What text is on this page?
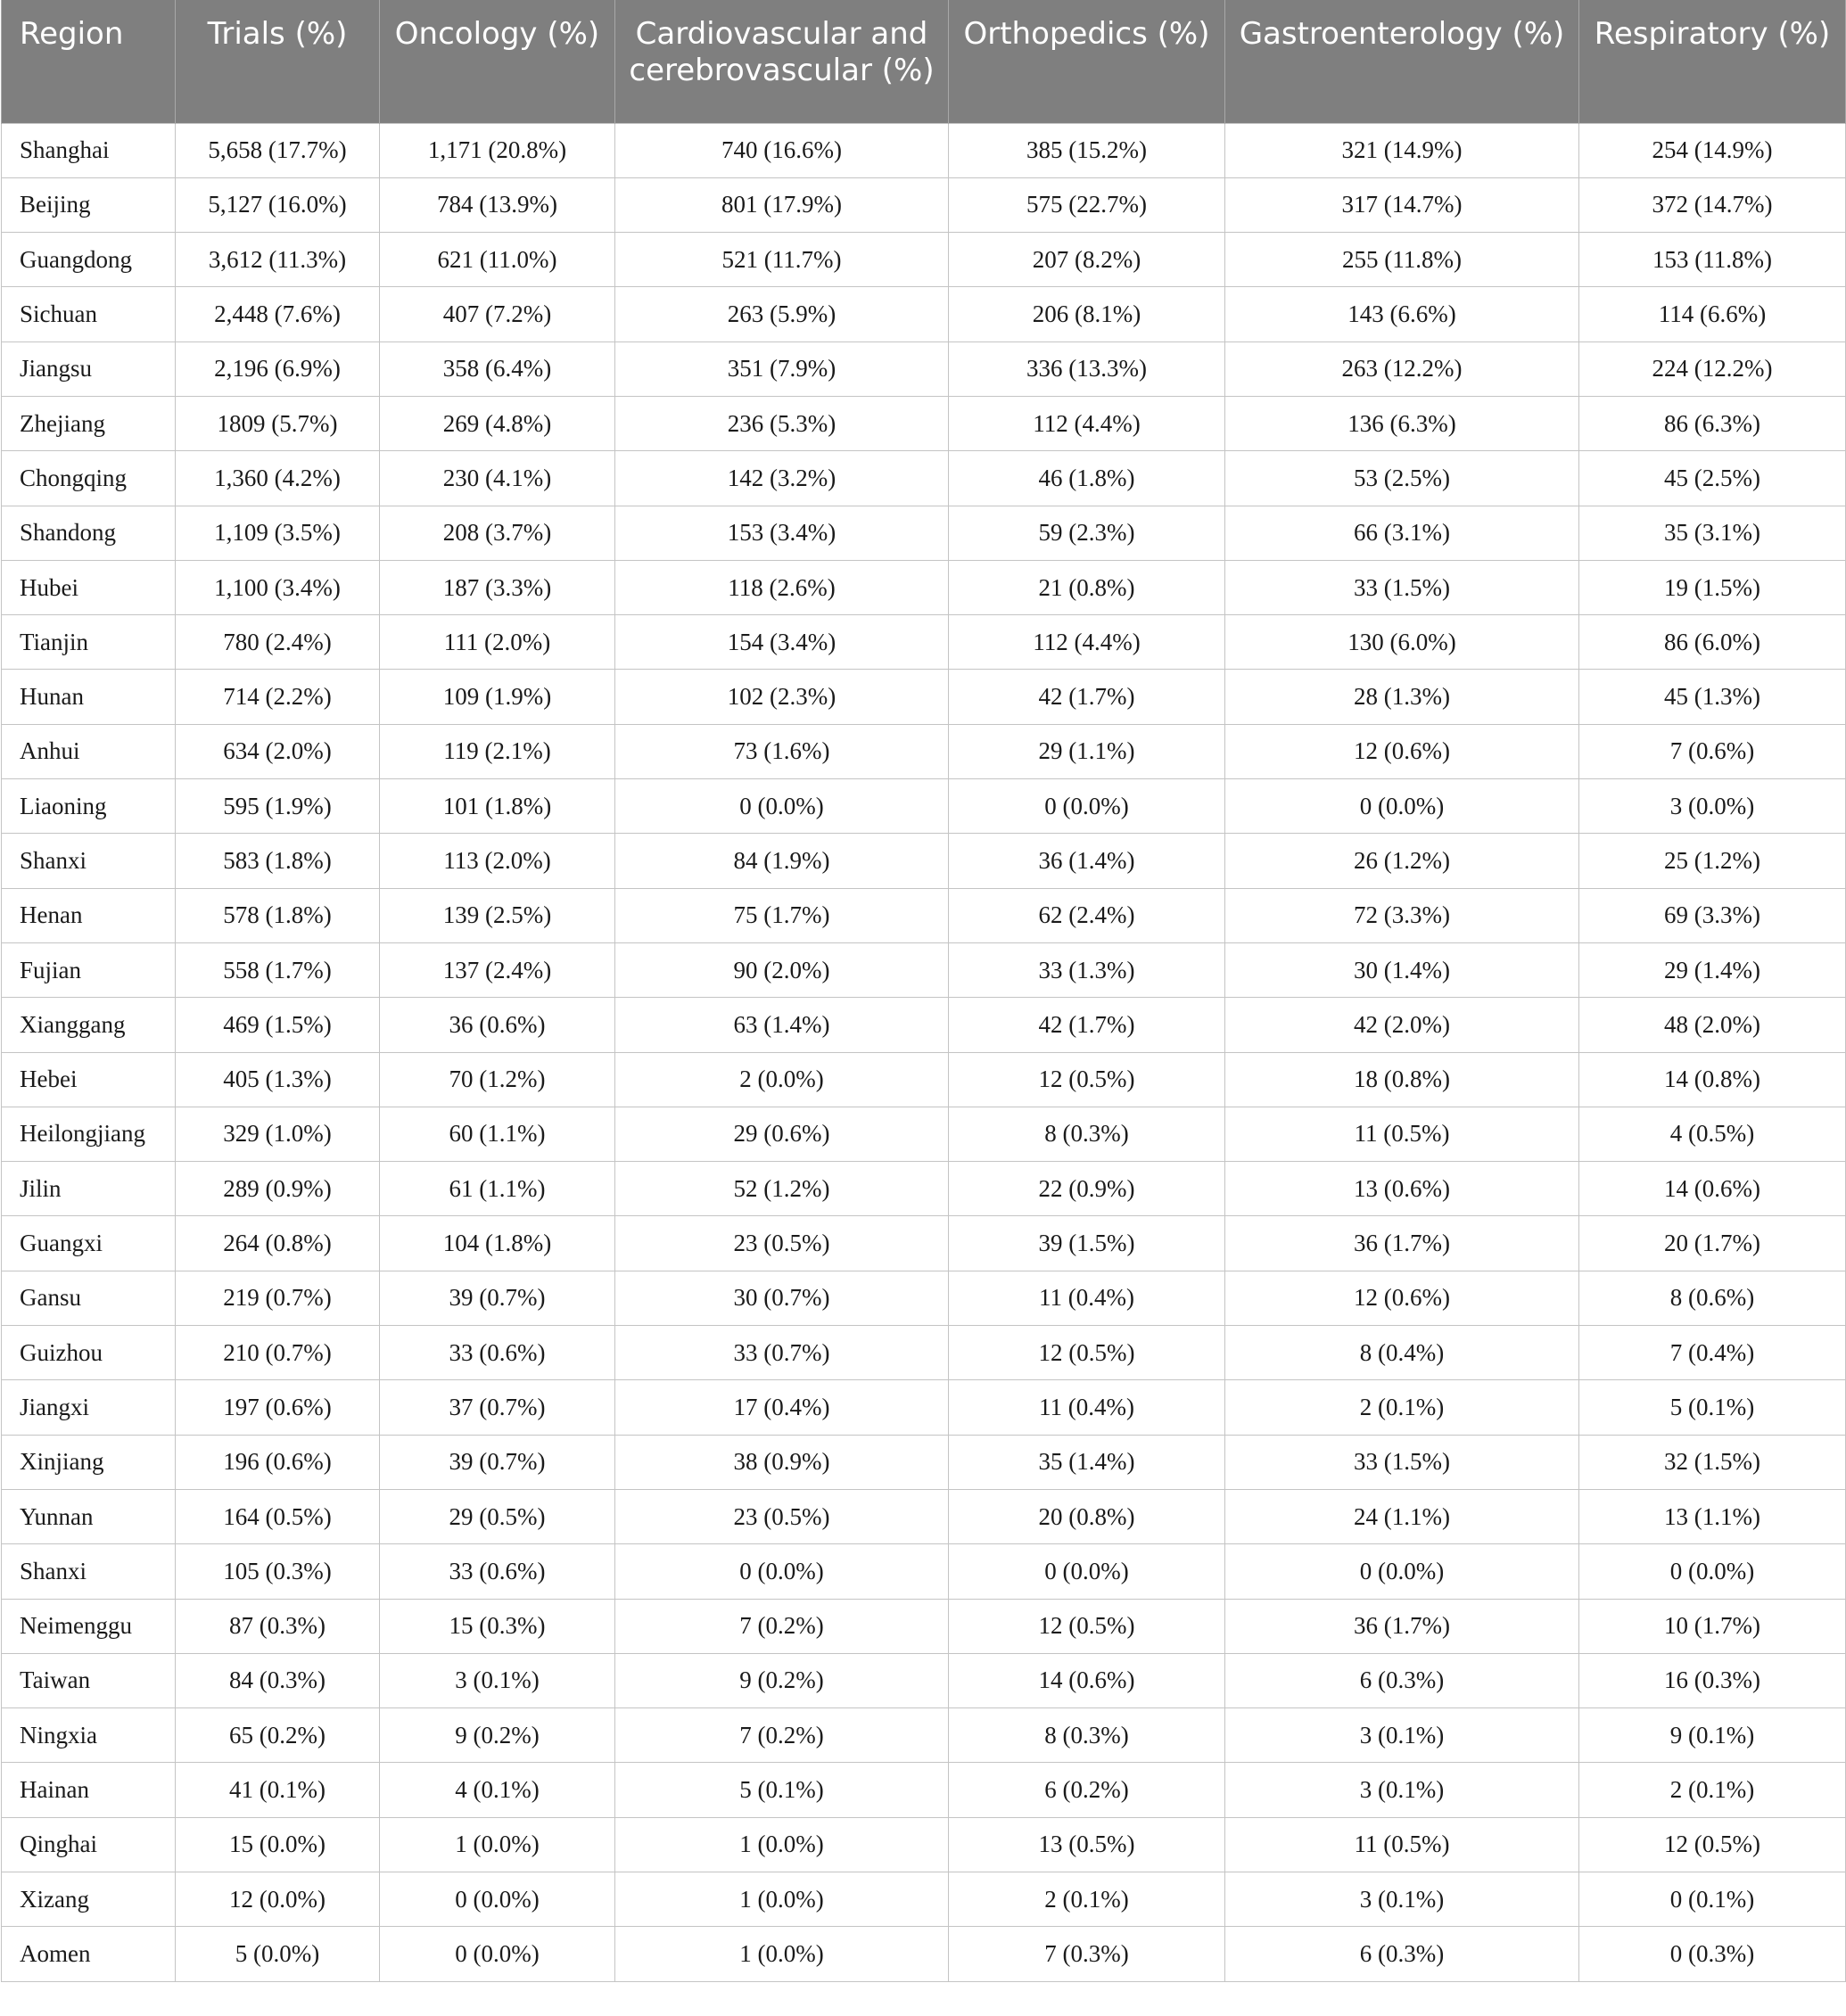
Region	Trials (%)	Oncology (%)	Cardiovascular and cerebrovascular (%)	Orthopedics (%)	Gastroenterology (%)	Respiratory (%)
Shanghai	5,658 (17.7%)	1,171 (20.8%)	740 (16.6%)	385 (15.2%)	321 (14.9%)	254 (14.9%)
Beijing	5,127 (16.0%)	784 (13.9%)	801 (17.9%)	575 (22.7%)	317 (14.7%)	372 (14.7%)
Guangdong	3,612 (11.3%)	621 (11.0%)	521 (11.7%)	207 (8.2%)	255 (11.8%)	153 (11.8%)
Sichuan	2,448 (7.6%)	407 (7.2%)	263 (5.9%)	206 (8.1%)	143 (6.6%)	114 (6.6%)
Jiangsu	2,196 (6.9%)	358 (6.4%)	351 (7.9%)	336 (13.3%)	263 (12.2%)	224 (12.2%)
Zhejiang	1809 (5.7%)	269 (4.8%)	236 (5.3%)	112 (4.4%)	136 (6.3%)	86 (6.3%)
Chongqing	1,360 (4.2%)	230 (4.1%)	142 (3.2%)	46 (1.8%)	53 (2.5%)	45 (2.5%)
Shandong	1,109 (3.5%)	208 (3.7%)	153 (3.4%)	59 (2.3%)	66 (3.1%)	35 (3.1%)
Hubei	1,100 (3.4%)	187 (3.3%)	118 (2.6%)	21 (0.8%)	33 (1.5%)	19 (1.5%)
Tianjin	780 (2.4%)	111 (2.0%)	154 (3.4%)	112 (4.4%)	130 (6.0%)	86 (6.0%)
Hunan	714 (2.2%)	109 (1.9%)	102 (2.3%)	42 (1.7%)	28 (1.3%)	45 (1.3%)
Anhui	634 (2.0%)	119 (2.1%)	73 (1.6%)	29 (1.1%)	12 (0.6%)	7 (0.6%)
Liaoning	595 (1.9%)	101 (1.8%)	0 (0.0%)	0 (0.0%)	0 (0.0%)	3 (0.0%)
Shanxi	583 (1.8%)	113 (2.0%)	84 (1.9%)	36 (1.4%)	26 (1.2%)	25 (1.2%)
Henan	578 (1.8%)	139 (2.5%)	75 (1.7%)	62 (2.4%)	72 (3.3%)	69 (3.3%)
Fujian	558 (1.7%)	137 (2.4%)	90 (2.0%)	33 (1.3%)	30 (1.4%)	29 (1.4%)
Xianggang	469 (1.5%)	36 (0.6%)	63 (1.4%)	42 (1.7%)	42 (2.0%)	48 (2.0%)
Hebei	405 (1.3%)	70 (1.2%)	2 (0.0%)	12 (0.5%)	18 (0.8%)	14 (0.8%)
Heilongjiang	329 (1.0%)	60 (1.1%)	29 (0.6%)	8 (0.3%)	11 (0.5%)	4 (0.5%)
Jilin	289 (0.9%)	61 (1.1%)	52 (1.2%)	22 (0.9%)	13 (0.6%)	14 (0.6%)
Guangxi	264 (0.8%)	104 (1.8%)	23 (0.5%)	39 (1.5%)	36 (1.7%)	20 (1.7%)
Gansu	219 (0.7%)	39 (0.7%)	30 (0.7%)	11 (0.4%)	12 (0.6%)	8 (0.6%)
Guizhou	210 (0.7%)	33 (0.6%)	33 (0.7%)	12 (0.5%)	8 (0.4%)	7 (0.4%)
Jiangxi	197 (0.6%)	37 (0.7%)	17 (0.4%)	11 (0.4%)	2 (0.1%)	5 (0.1%)
Xinjiang	196 (0.6%)	39 (0.7%)	38 (0.9%)	35 (1.4%)	33 (1.5%)	32 (1.5%)
Yunnan	164 (0.5%)	29 (0.5%)	23 (0.5%)	20 (0.8%)	24 (1.1%)	13 (1.1%)
Shanxi	105 (0.3%)	33 (0.6%)	0 (0.0%)	0 (0.0%)	0 (0.0%)	0 (0.0%)
Neimenggu	87 (0.3%)	15 (0.3%)	7 (0.2%)	12 (0.5%)	36 (1.7%)	10 (1.7%)
Taiwan	84 (0.3%)	3 (0.1%)	9 (0.2%)	14 (0.6%)	6 (0.3%)	16 (0.3%)
Ningxia	65 (0.2%)	9 (0.2%)	7 (0.2%)	8 (0.3%)	3 (0.1%)	9 (0.1%)
Hainan	41 (0.1%)	4 (0.1%)	5 (0.1%)	6 (0.2%)	3 (0.1%)	2 (0.1%)
Qinghai	15 (0.0%)	1 (0.0%)	1 (0.0%)	13 (0.5%)	11 (0.5%)	12 (0.5%)
Xizang	12 (0.0%)	0 (0.0%)	1 (0.0%)	2 (0.1%)	3 (0.1%)	0 (0.1%)
Aomen	5 (0.0%)	0 (0.0%)	1 (0.0%)	7 (0.3%)	6 (0.3%)	0 (0.3%)
